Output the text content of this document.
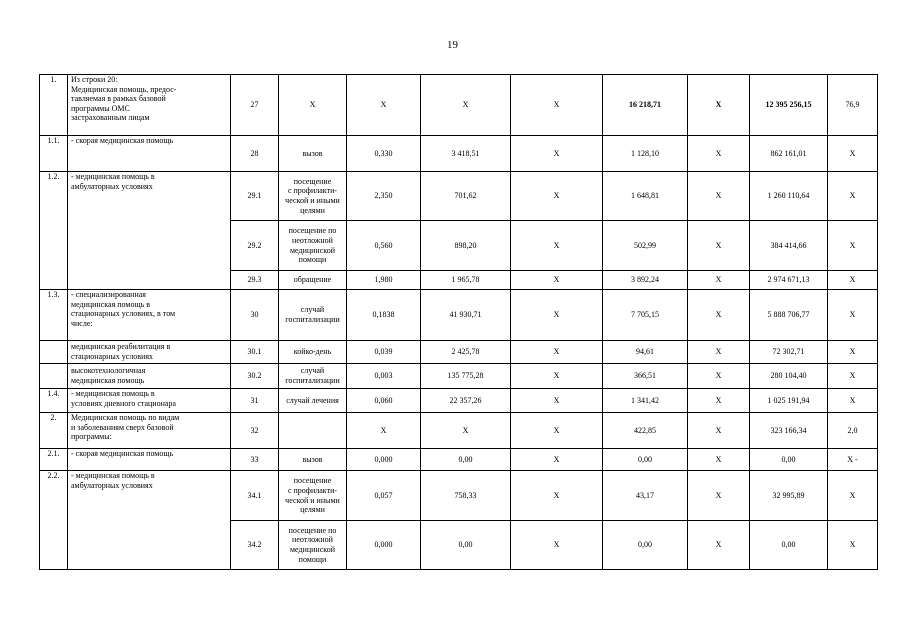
19
1.	Из строки 20:
Медицинская помощь, предос-
тавляемая в рамках базовой
программы ОМС
застрахованным лицам	27	X	X	X	X	16 218,71	X	12 395 256,15	76,9
1.1.	- скорая медицинская помощь	28	вызов	0,330	3 418,51	X	1 128,10	X	862 161,01	X
1.2.	- медицинская помощь в
амбулаторных условиях	29.1	посещение
с профилакти-
ческой и иными
целями	2,350	701,62	X	1 648,81	X	1 260 110,64	X
		29.2	посещение по
неотложной
медицинской
помощи	0,560	898,20	X	502,99	X	384 414,66	X
		29.3	обращение	1,980	1 965,78	X	3 892,24	X	2 974 671,13	X
1.3.	- специализированная
медицинская помощь в
стационарных условиях, в том
числе:	30	случай
госпитализации	0,1838	41 930,71	X	7 705,15	X	5 888 706,77	X
	медицинская реабилитация в
стационарных условиях	30.1	койко-день	0,039	2 425,78	X	94,61	X	72 302,71	X
	высокотехнологичная
медицинская помощь	30.2	случай
госпитализации	0,003	135 775,28	X	366,51	X	280 104,40	X
1.4.	- медицинская помощь в
условиях дневного стационара	31	случай лечения	0,060	22 357,26	X	1 341,42	X	1 025 191,94	X
2.	Медицинская помощь по видам
и заболеваниям сверх базовой
программы:	32		X	X	X	422,85	X	323 166,34	2,0
2.1.	- скорая медицинская помощь	33	вызов	0,000	0,00	X	0,00	X	0,00	X -
2.2.	- медицинская помощь в
амбулаторных условиях	34.1	посещение
с профилакти-
ческой и иными
целями	0,057	758,33	X	43,17	X	32 995,89	X
		34.2	посещение по
неотложной
медицинской
помощи	0,000	0,00	X	0,00	X	0,00	X
